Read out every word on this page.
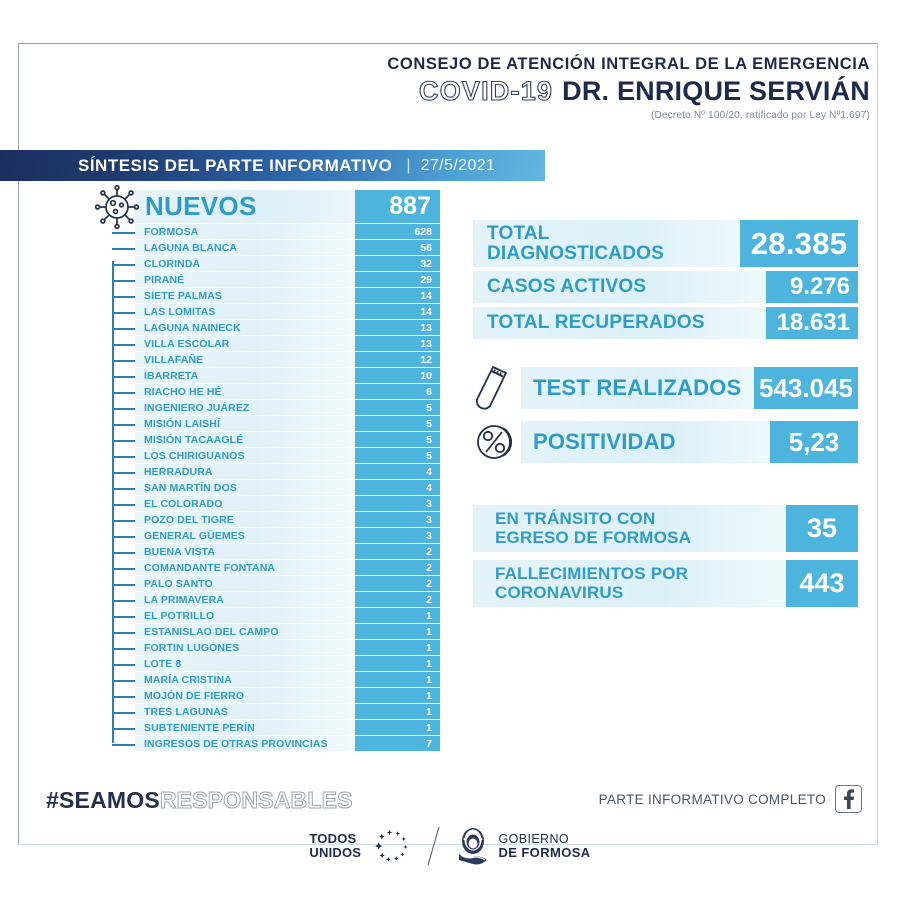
CONSEJO DE ATENCIÓN INTEGRAL DE LA EMERGENCIA
COVID-19 DR. ENRIQUE SERVIÁN
(Decreto Nº 100/20, ratificado por Ley Nº1.697)
SÍNTESIS DEL PARTE INFORMATIVO | 27/5/2021
NUEVOS	887
FORMOSA	628
LAGUNA BLANCA	56
CLORINDA	32
PIRANÉ	29
SIETE PALMAS	14
LAS LOMITAS	14
LAGUNA NAINECK	13
VILLA ESCOLAR	13
VILLAFAÑE	12
IBARRETA	10
RIACHO HE HÉ	6
INGENIERO JUÁREZ	5
MISIÓN LAISHÍ	5
MISIÓN TACAAGLÉ	5
LOS CHIRIGUANOS	5
HERRADURA	4
SAN MARTÍN DOS	4
EL COLORADO	3
POZO DEL TIGRE	3
GENERAL GÜEMES	3
BUENA VISTA	2
COMANDANTE FONTANA	2
PALO SANTO	2
LA PRIMAVERA	2
EL POTRILLO	1
ESTANISLAO DEL CAMPO	1
FORTIN LUGONES	1
LOTE 8	1
MARÍA CRISTINA	1
MOJÓN DE FIERRO	1
TRES LAGUNAS	1
SUBTENIENTE PERÍN	1
INGRESOS DE OTRAS PROVINCIAS	7
TOTAL
DIAGNOSTICADOS	28.385
CASOS ACTIVOS	9.276
TOTAL RECUPERADOS	18.631
TEST REALIZADOS 543.045
POSITIVIDAD	5,23
EN TRÁNSITO CON
EGRESO DE FORMOSA	35
FALLECIMIENTOS POR
CORONAVIRUS	443
#SEAMOSRESPONSABLES	PARTE INFORMATIVO COMPLETO
TODOS
UNIDOS
GOBIERNO
DE FORMOSA
